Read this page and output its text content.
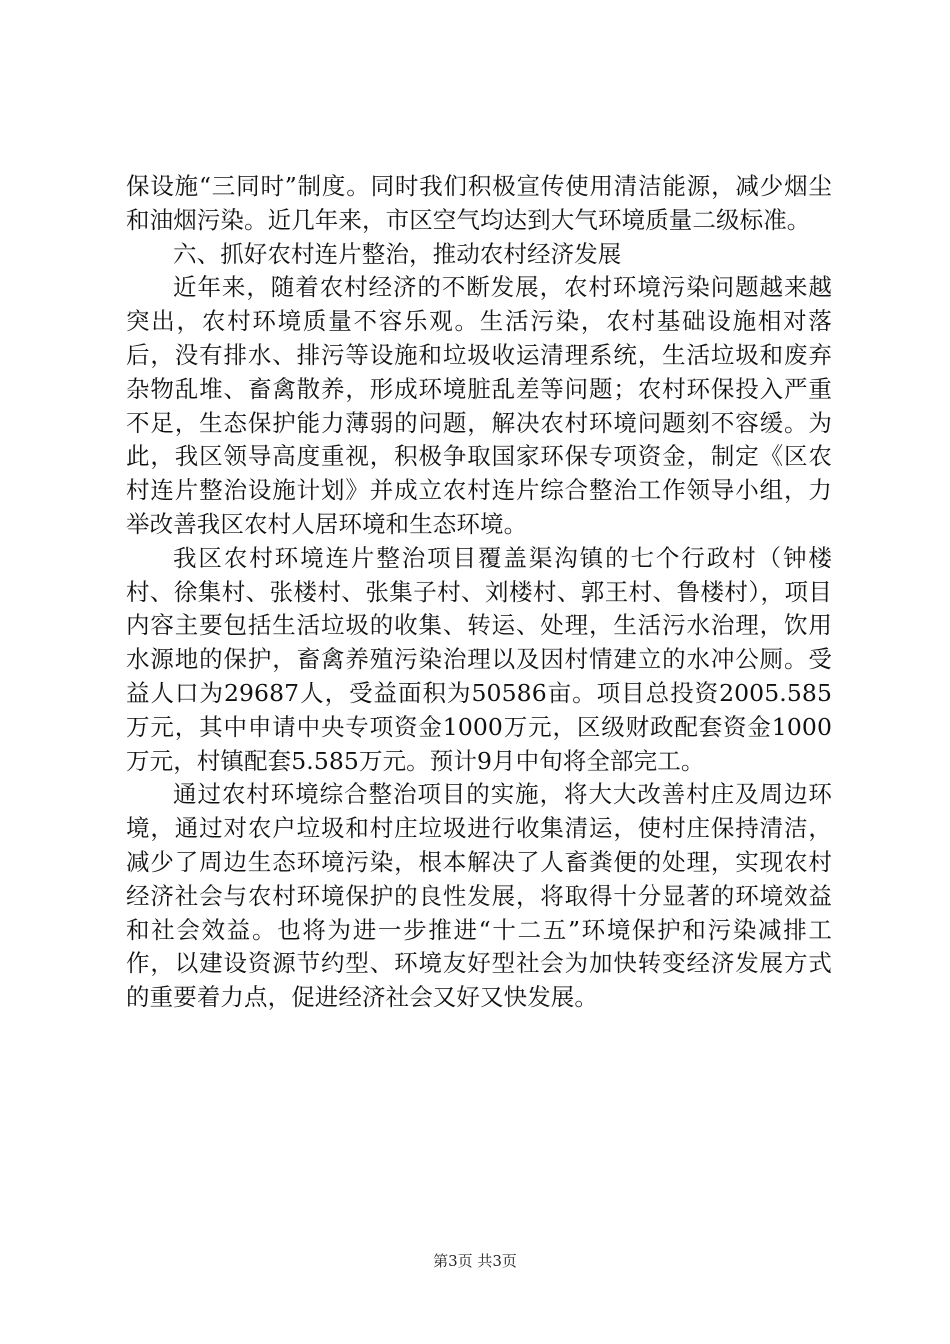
保设施“三同时”制度。同时我们积极宣传使用清洁能源，减少烟尘和油烟污染。近几年来，市区空气均达到大气环境质量二级标准。

六、抓好农村连片整治，推动农村经济发展

近年来，随着农村经济的不断发展，农村环境污染问题越来越突出，农村环境质量不容乐观。生活污染，农村基础设施相对落后，没有排水、排污等设施和垃圾收运清理系统，生活垃圾和废弃杂物乱堆、畜禽散养，形成环境脏乱差等问题；农村环保投入严重不足，生态保护能力薄弱的问题，解决农村环境问题刻不容缓。为此，我区领导高度重视，积极争取国家环保专项资金，制定《区农村连片整治设施计划》并成立农村连片综合整治工作领导小组，力举改善我区农村人居环境和生态环境。

我区农村环境连片整治项目覆盖渠沟镇的七个行政村（钟楼村、徐集村、张楼村、张集子村、刘楼村、郭王村、鲁楼村），项目内容主要包括生活垃圾的收集、转运、处理，生活污水治理，饮用水源地的保护，畜禽养殖污染治理以及因村情建立的水冲公厕。受益人口为29687人，受益面积为50586亩。项目总投资2005.585万元，其中申请中央专项资金1000万元，区级财政配套资金1000万元，村镇配套5.585万元。预计9月中旬将全部完工。

通过农村环境综合整治项目的实施，将大大改善村庄及周边环境，通过对农户垃圾和村庄垃圾进行收集清运，使村庄保持清洁，减少了周边生态环境污染，根本解决了人畜粪便的处理，实现农村经济社会与农村环境保护的良性发展，将取得十分显著的环境效益和社会效益。也将为进一步推进“十二五”环境保护和污染减排工作，以建设资源节约型、环境友好型社会为加快转变经济发展方式的重要着力点，促进经济社会又好又快发展。

第3页 共3页
